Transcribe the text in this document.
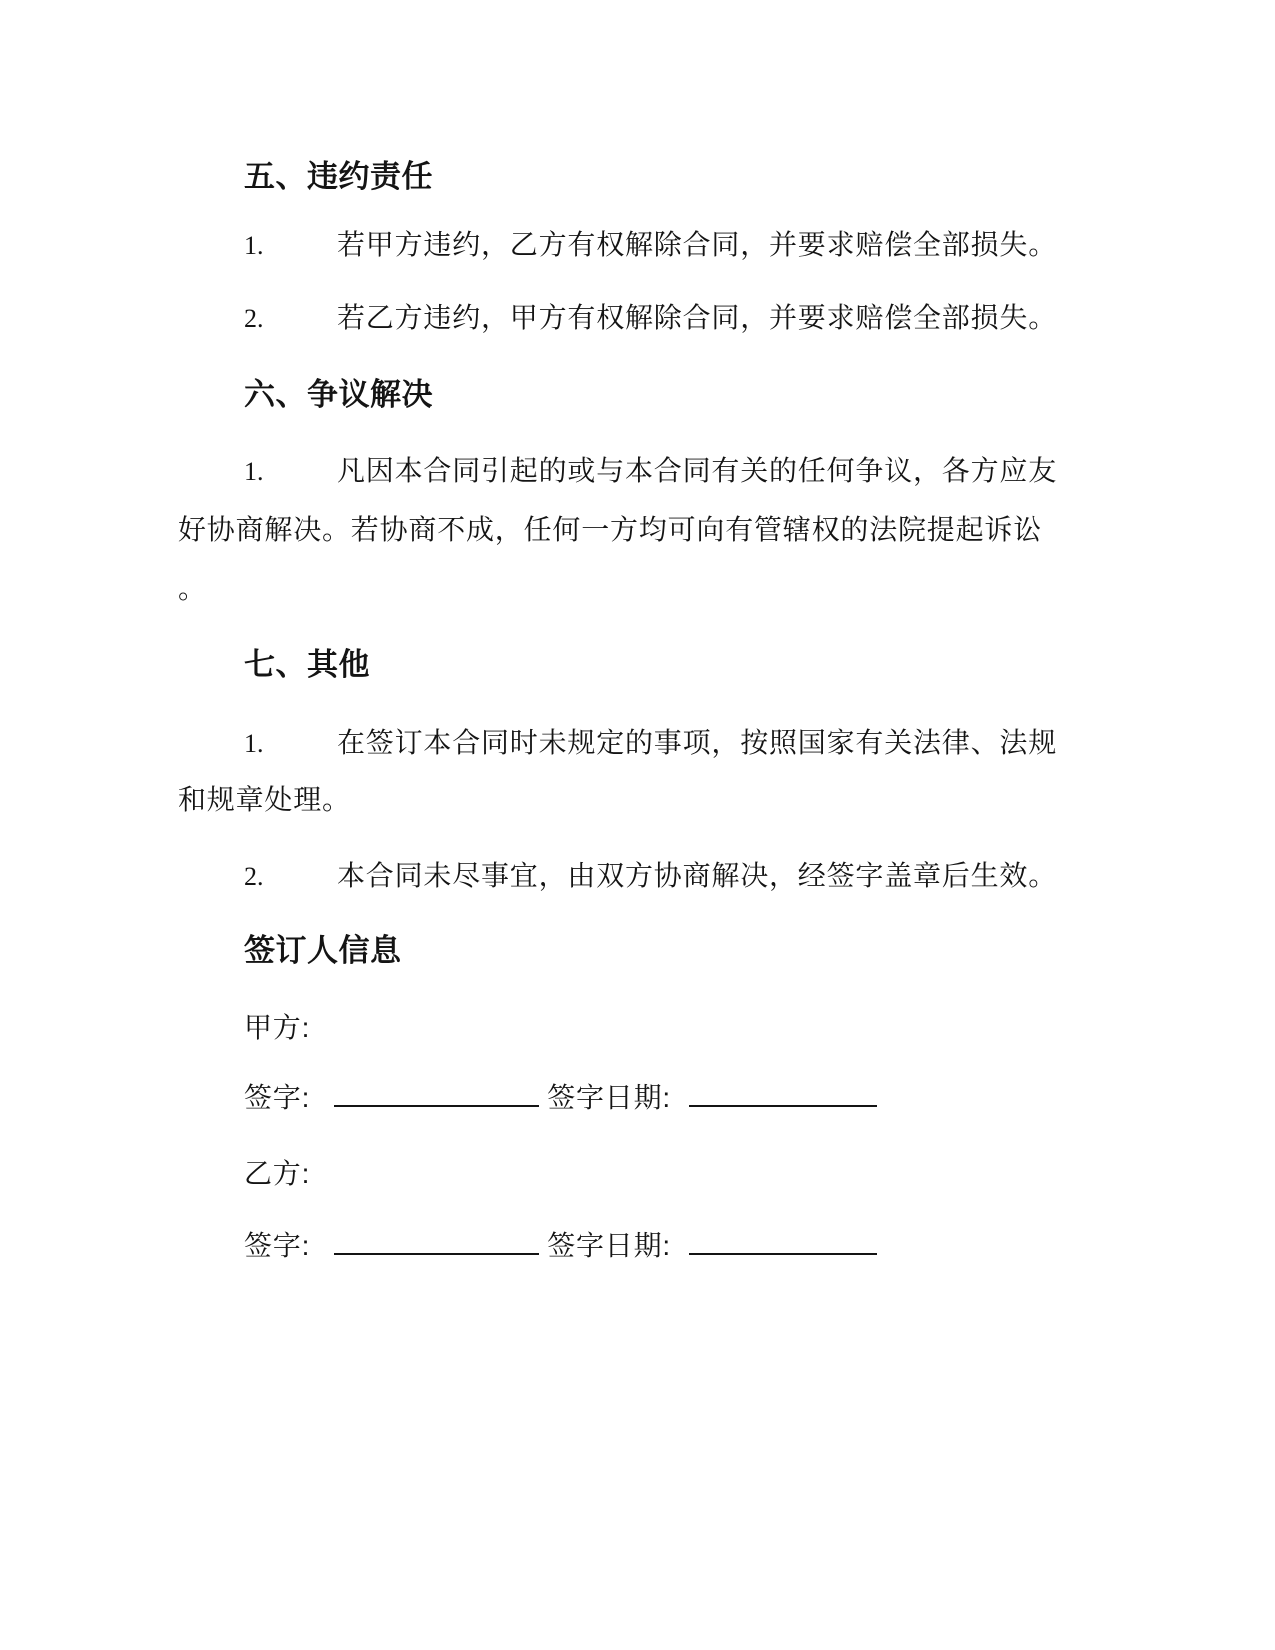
五、违约责任
1.	若甲方违约，乙方有权解除合同，并要求赔偿全部损失。
2.	若乙方违约，甲方有权解除合同，并要求赔偿全部损失。
六、争议解决
1.	凡因本合同引起的或与本合同有关的任何争议，各方应友
好协商解决。若协商不成，任何一方均可向有管辖权的法院提起诉讼
。
七、其他
1.	在签订本合同时未规定的事项，按照国家有关法律、法规
和规章处理。
2.	本合同未尽事宜，由双方协商解决，经签字盖章后生效。
签订人信息
甲方:
签字:	签字日期:
乙方:
签字:	签字日期:
